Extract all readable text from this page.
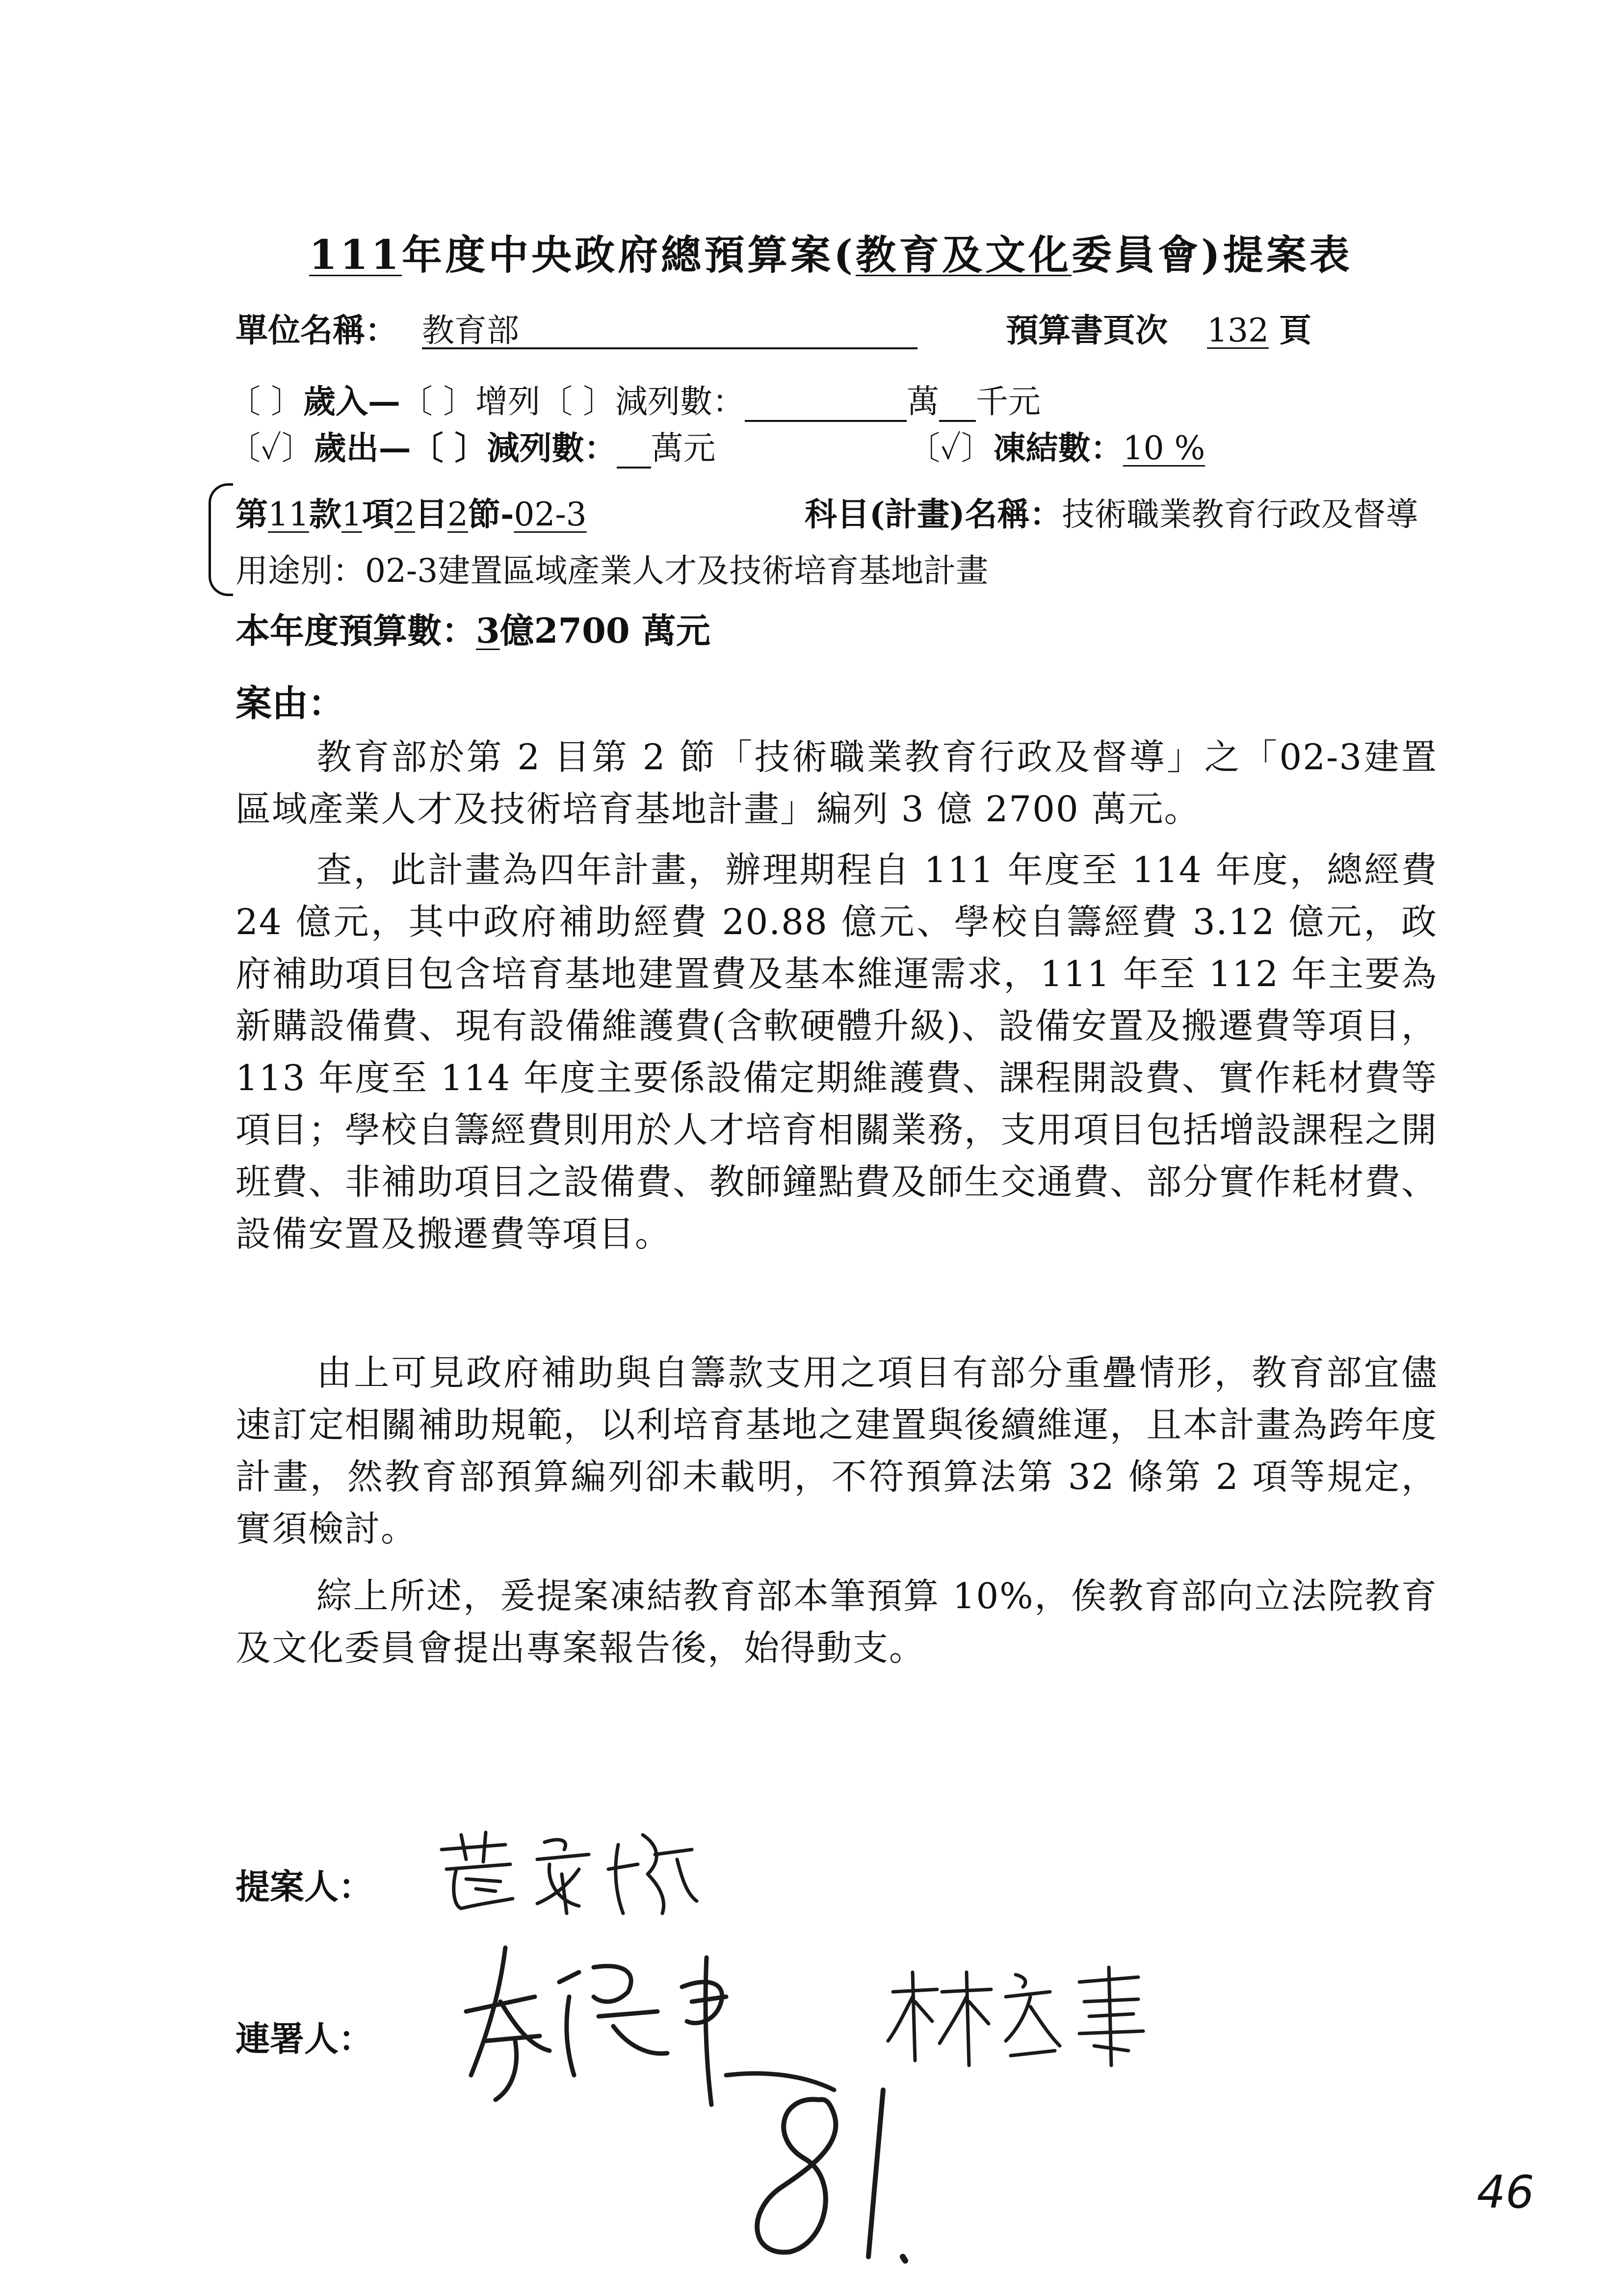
111年度中央政府總預算案(教育及文化委員會)提案表
單位名稱： 教育部	預算書頁次 132 頁
〔 〕歲入—〔 〕增列〔 〕減列數：	萬 千元
〔✓〕歲出—〔 〕減列數： 萬元	〔✓〕凍結數：10 %
第11款1項2目2節-02-3	科目(計畫)名稱：技術職業教育行政及督導
用途別：02-3建置區域產業人才及技術培育基地計畫
本年度預算數：3億2700 萬元
案由：
教育部於第 2 目第 2 節「技術職業教育行政及督導」之「02-3建置區域產業人才及技術培育基地計畫」編列 3 億 2700 萬元。
查，此計畫為四年計畫，辦理期程自 111 年度至 114 年度，總經費 24 億元，其中政府補助經費 20.88 億元、學校自籌經費 3.12 億元，政府補助項目包含培育基地建置費及基本維運需求，111 年至 112 年主要為新購設備費、現有設備維護費(含軟硬體升級)、設備安置及搬遷費等項目，113 年度至 114 年度主要係設備定期維護費、課程開設費、實作耗材費等項目；學校自籌經費則用於人才培育相關業務，支用項目包括增設課程之開班費、非補助項目之設備費、教師鐘點費及師生交通費、部分實作耗材費、設備安置及搬遷費等項目。
由上可見政府補助與自籌款支用之項目有部分重疊情形，教育部宜儘速訂定相關補助規範，以利培育基地之建置與後續維運，且本計畫為跨年度計畫，然教育部預算編列卻未載明，不符預算法第 32 條第 2 項等規定，實須檢討。
綜上所述，爰提案凍結教育部本筆預算 10%，俟教育部向立法院教育及文化委員會提出專案報告後，始得動支。
提案人：
連署人：
46
